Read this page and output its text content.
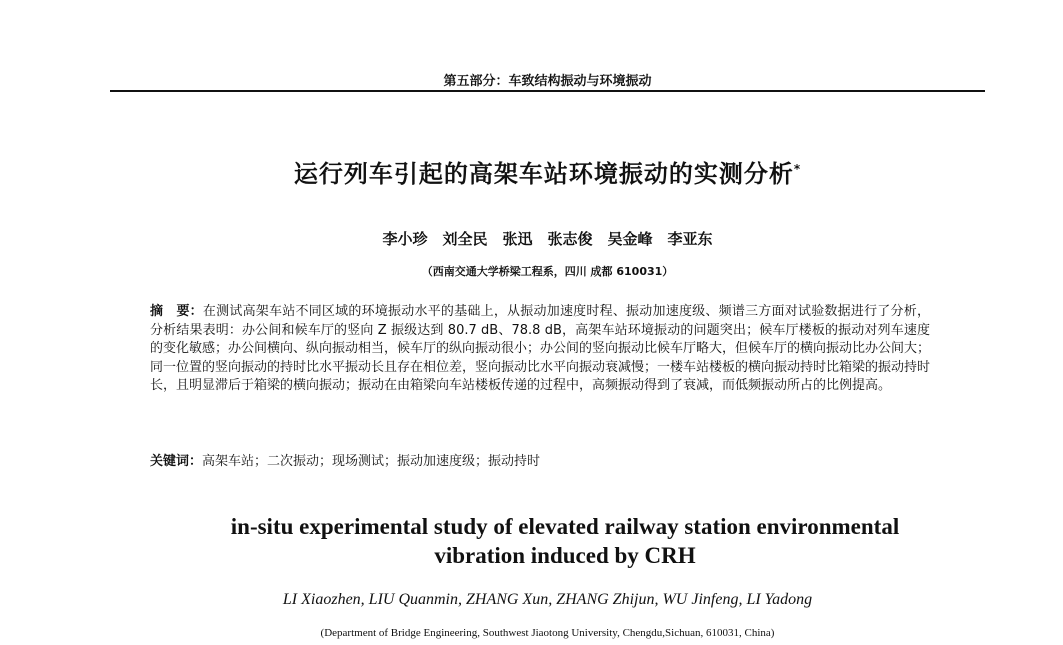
第五部分：车致结构振动与环境振动
运行列车引起的高架车站环境振动的实测分析*
李小珍　刘全民　张迅　张志俊　吴金峰　李亚东
（西南交通大学桥梁工程系，四川 成都 610031）
摘　要：在测试高架车站不同区域的环境振动水平的基础上，从振动加速度时程、振动加速度级、频谱三方面对试验数据进行了分析，分析结果表明：办公间和候车厅的竖向 Z 振级达到 80.7 dB、78.8 dB，高架车站环境振动的问题突出；候车厅楼板的振动对列车速度的变化敏感；办公间横向、纵向振动相当，候车厅的纵向振动很小；办公间的竖向振动比候车厅略大，但候车厅的横向振动比办公间大；同一位置的竖向振动的持时比水平振动长且存在相位差，竖向振动比水平向振动衰减慢；一楼车站楼板的横向振动持时比箱梁的振动持时长，且明显滞后于箱梁的横向振动；振动在由箱梁向车站楼板传递的过程中，高频振动得到了衰减，而低频振动所占的比例提高。
关键词：高架车站；二次振动；现场测试；振动加速度级；振动持时
in-situ experimental study of elevated railway station environmental
vibration induced by CRH
LI Xiaozhen, LIU Quanmin, ZHANG Xun, ZHANG Zhijun, WU Jinfeng, LI Yadong
(Department of Bridge Engineering, Southwest Jiaotong University, Chengdu,Sichuan, 610031, China)
